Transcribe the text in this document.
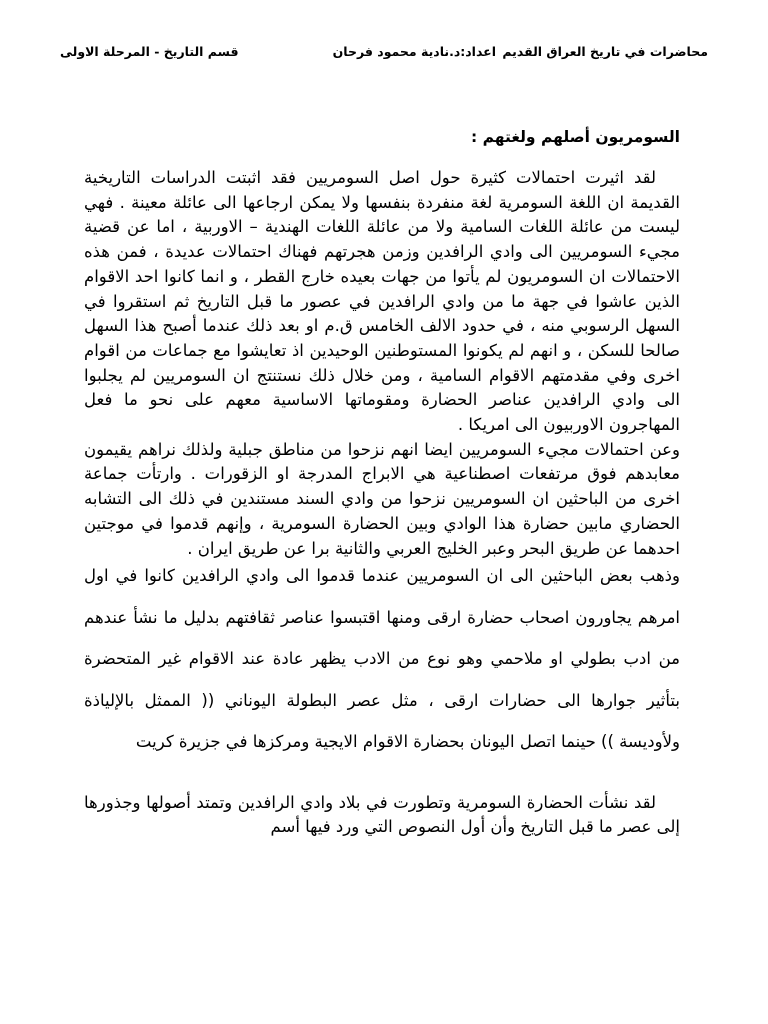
محاضرات في تاريخ العراق القديم
اعداد:د.نادية محمود فرحان
قسم التاريخ - المرحلة الاولى
السومريون أصلهم ولغتهم :

لقد اثيرت احتمالات كثيرة حول اصل السومريين فقد اثبتت الدراسات التاريخية القديمة ان اللغة السومرية لغة منفردة بنفسها ولا يمكن ارجاعها الى عائلة معينة . فهي ليست من عائلة اللغات السامية ولا من عائلة اللغات الهندية – الاوربية ، اما عن قضية مجيء السومريين الى وادي الرافدين وزمن هجرتهم فهناك احتمالات عديدة ، فمن هذه الاحتمالات ان السومريون لم يأتوا من جهات بعيده خارج القطر ، و انما كانوا احد الاقوام الذين عاشوا في جهة ما من وادي الرافدين في عصور ما قبل التاريخ ثم استقروا في السهل الرسوبي منه ، في حدود الالف الخامس ق.م او بعد ذلك عندما أصبح هذا السهل صالحا للسكن ، و انهم لم يكونوا المستوطنين الوحيدين اذ تعايشوا مع جماعات من اقوام اخرى وفي مقدمتهم الاقوام السامية ، ومن خلال ذلك نستنتج ان السومريين لم يجلبوا الى وادي الرافدين عناصر الحضارة ومقوماتها الاساسية معهم على نحو ما فعل المهاجرون الاوربيون الى امريكا .

وعن احتمالات مجيء السومريين ايضا انهم نزحوا من مناطق جبلية ولذلك نراهم يقيمون معابدهم فوق مرتفعات اصطناعية هي الابراج المدرجة او الزقورات . وارتأت جماعة اخرى من الباحثين ان السومريين نزحوا من وادي السند مستندين في ذلك الى التشابه الحضاري مابين حضارة هذا الوادي وبين الحضارة السومرية ، وإنهم قدموا في موجتين احدهما عن طريق البحر وعبر الخليج العربي والثانية برا عن طريق ايران .

وذهب بعض الباحثين الى ان السومريين عندما قدموا الى وادي الرافدين كانوا في اول امرهم يجاورون اصحاب حضارة ارقى ومنها اقتبسوا عناصر ثقافتهم بدليل ما نشأ عندهم من ادب بطولي او ملاحمي وهو نوع من الادب يظهر عادة عند الاقوام غير المتحضرة بتأثير جوارها الى حضارات ارقى ، مثل عصر البطولة اليوناني (( الممثل بالإلياذة ولأوديسة )) حينما اتصل اليونان بحضارة الاقوام الايجية ومركزها في جزيرة كريت

لقد نشأت الحضارة السومرية وتطورت في بلاد وادي الرافدين وتمتد أصولها وجذورها إلى عصر ما قبل التاريخ وأن أول النصوص التي ورد فيها أسم
